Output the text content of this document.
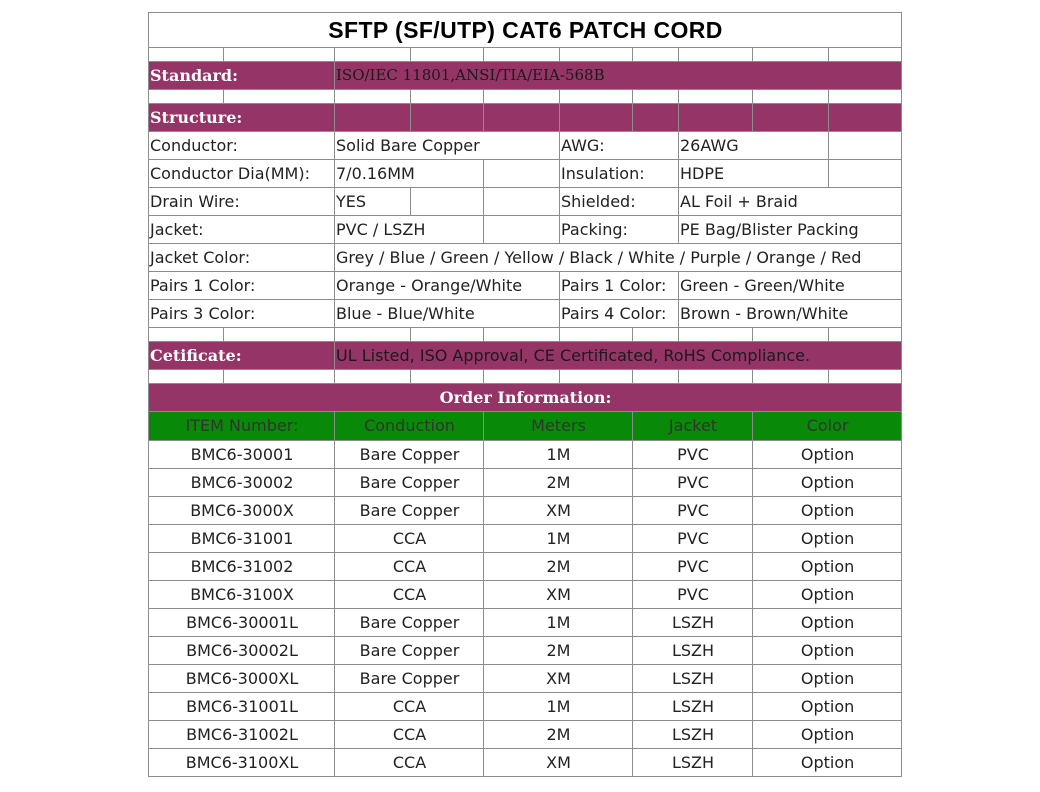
SFTP (SF/UTP) CAT6 PATCH CORD									

Standard:		ISO/IEC 11801,ANSI/TIA/EIA-568B							

Structure:									
Conductor:		Solid Bare Copper			AWG:		26AWG		
Conductor Dia(MM):		7/0.16MM			Insulation:		HDPE		
Drain Wire:		YES			Shielded:		AL Foil + Braid		
Jacket:		PVC / LSZH			Packing:		PE Bag/Blister Packing		
Jacket Color:		Grey / Blue / Green / Yellow / Black / White / Purple / Orange / Red							
Pairs 1 Color:		Orange - Orange/White			Pairs 1 Color:		Green - Green/White		
Pairs 3 Color:		Blue - Blue/White			Pairs 4 Color:		Brown - Brown/White		

Cetificate:		UL Listed, ISO Approval, CE Certificated, RoHS Compliance.							

Order Information:									
ITEM Number:		Conduction		Meters		Jacket		Color	
BMC6-30001		Bare Copper		1M		PVC		Option	
BMC6-30002		Bare Copper		2M		PVC		Option	
BMC6-3000X		Bare Copper		XM		PVC		Option	
BMC6-31001		CCA		1M		PVC		Option	
BMC6-31002		CCA		2M		PVC		Option	
BMC6-3100X		CCA		XM		PVC		Option	
BMC6-30001L		Bare Copper		1M		LSZH		Option	
BMC6-30002L		Bare Copper		2M		LSZH		Option	
BMC6-3000XL		Bare Copper		XM		LSZH		Option	
BMC6-31001L		CCA		1M		LSZH		Option	
BMC6-31002L		CCA		2M		LSZH		Option	
BMC6-3100XL		CCA		XM		LSZH		Option	
